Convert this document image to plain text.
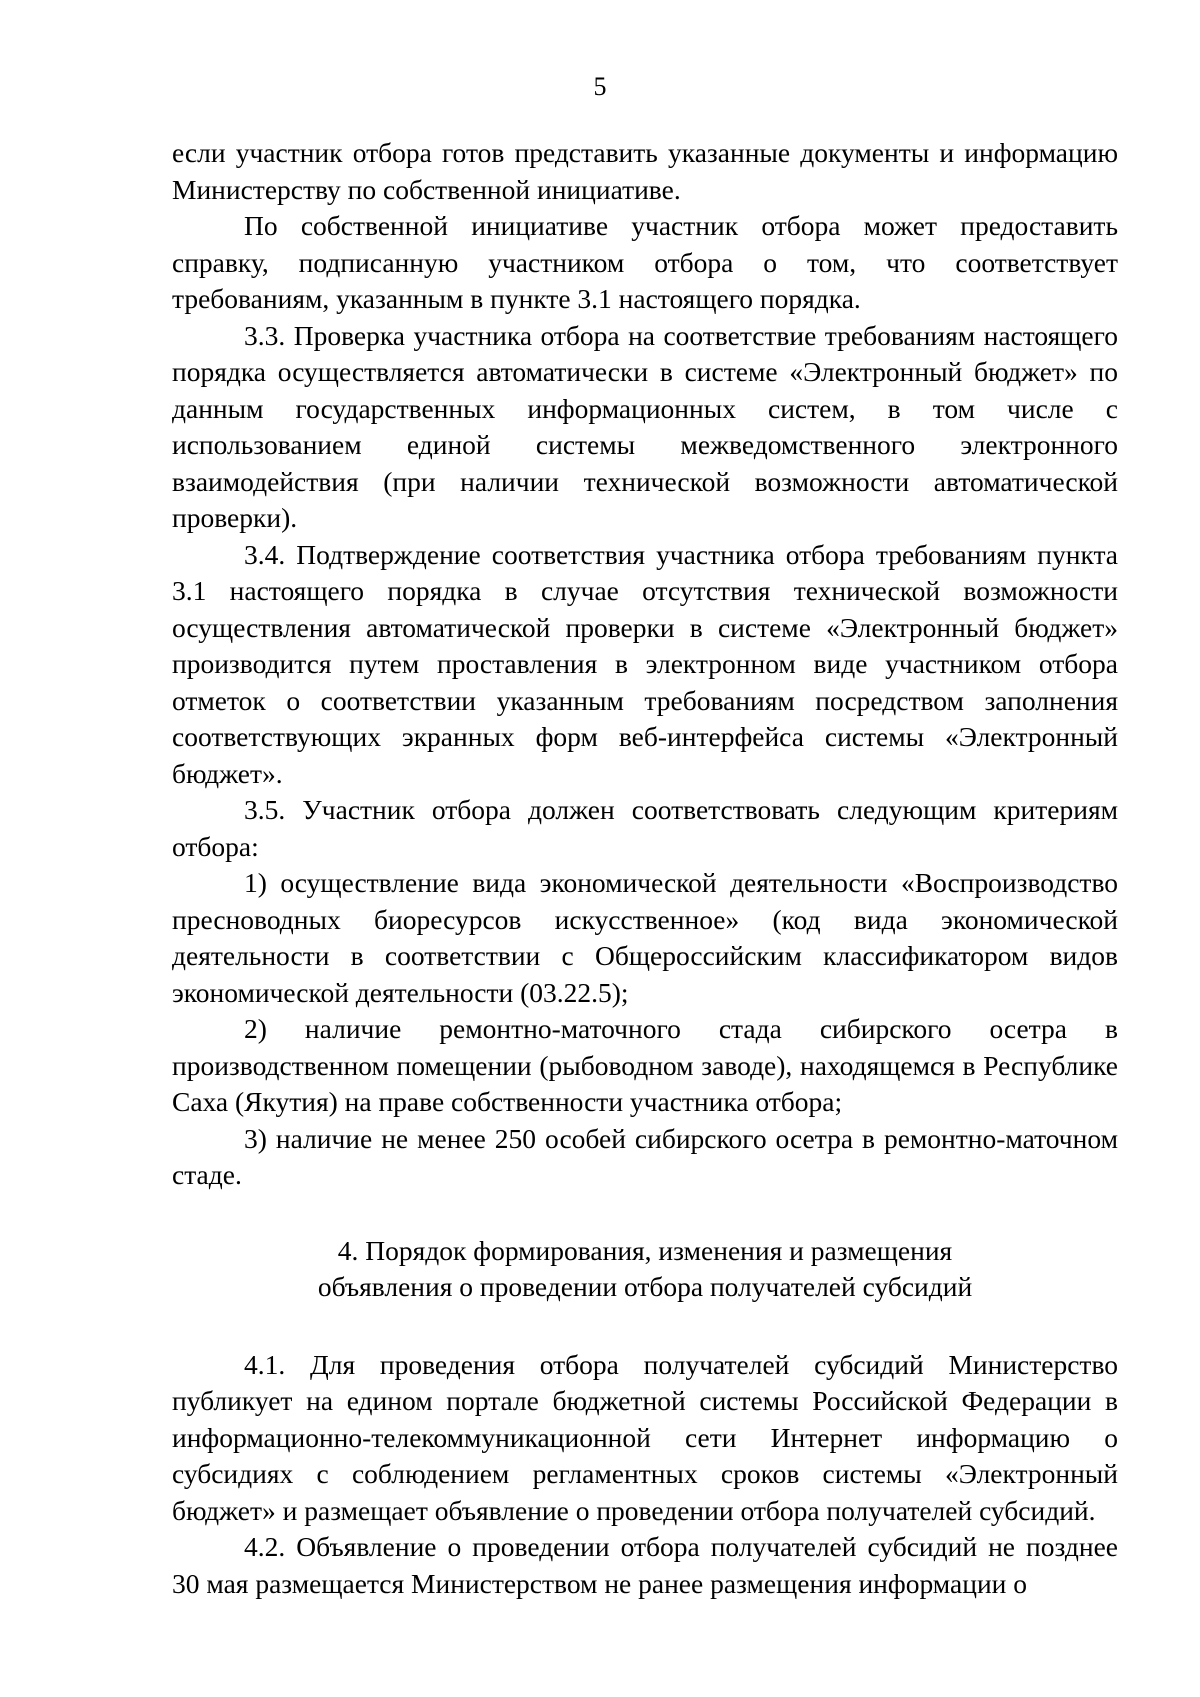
5

если участник отбора готов представить указанные документы и информацию Министерству по собственной инициативе.

По собственной инициативе участник отбора может предоставить справку, подписанную участником отбора о том, что соответствует требованиям, указанным в пункте 3.1 настоящего порядка.

3.3. Проверка участника отбора на соответствие требованиям настоящего порядка осуществляется автоматически в системе «Электронный бюджет» по данным государственных информационных систем, в том числе с использованием единой системы межведомственного электронного взаимодействия (при наличии технической возможности автоматической проверки).

3.4. Подтверждение соответствия участника отбора требованиям пункта 3.1 настоящего порядка в случае отсутствия технической возможности осуществления автоматической проверки в системе «Электронный бюджет» производится путем проставления в электронном виде участником отбора отметок о соответствии указанным требованиям посредством заполнения соответствующих экранных форм веб-интерфейса системы «Электронный бюджет».

3.5. Участник отбора должен соответствовать следующим критериям отбора:

1) осуществление вида экономической деятельности «Воспроизводство пресноводных биоресурсов искусственное» (код вида экономической деятельности в соответствии с Общероссийским классификатором видов экономической деятельности (03.22.5);

2) наличие ремонтно-маточного стада сибирского осетра в производственном помещении (рыбоводном заводе), находящемся в Республике Саха (Якутия) на праве собственности участника отбора;

3) наличие не менее 250 особей сибирского осетра в ремонтно-маточном стаде.

4. Порядок формирования, изменения и размещения
объявления о проведении отбора получателей субсидий

4.1. Для проведения отбора получателей субсидий Министерство публикует на едином портале бюджетной системы Российской Федерации в информационно-телекоммуникационной сети Интернет информацию о субсидиях с соблюдением регламентных сроков системы «Электронный бюджет» и размещает объявление о проведении отбора получателей субсидий.

4.2. Объявление о проведении отбора получателей субсидий не позднее 30 мая размещается Министерством не ранее размещения информации о
